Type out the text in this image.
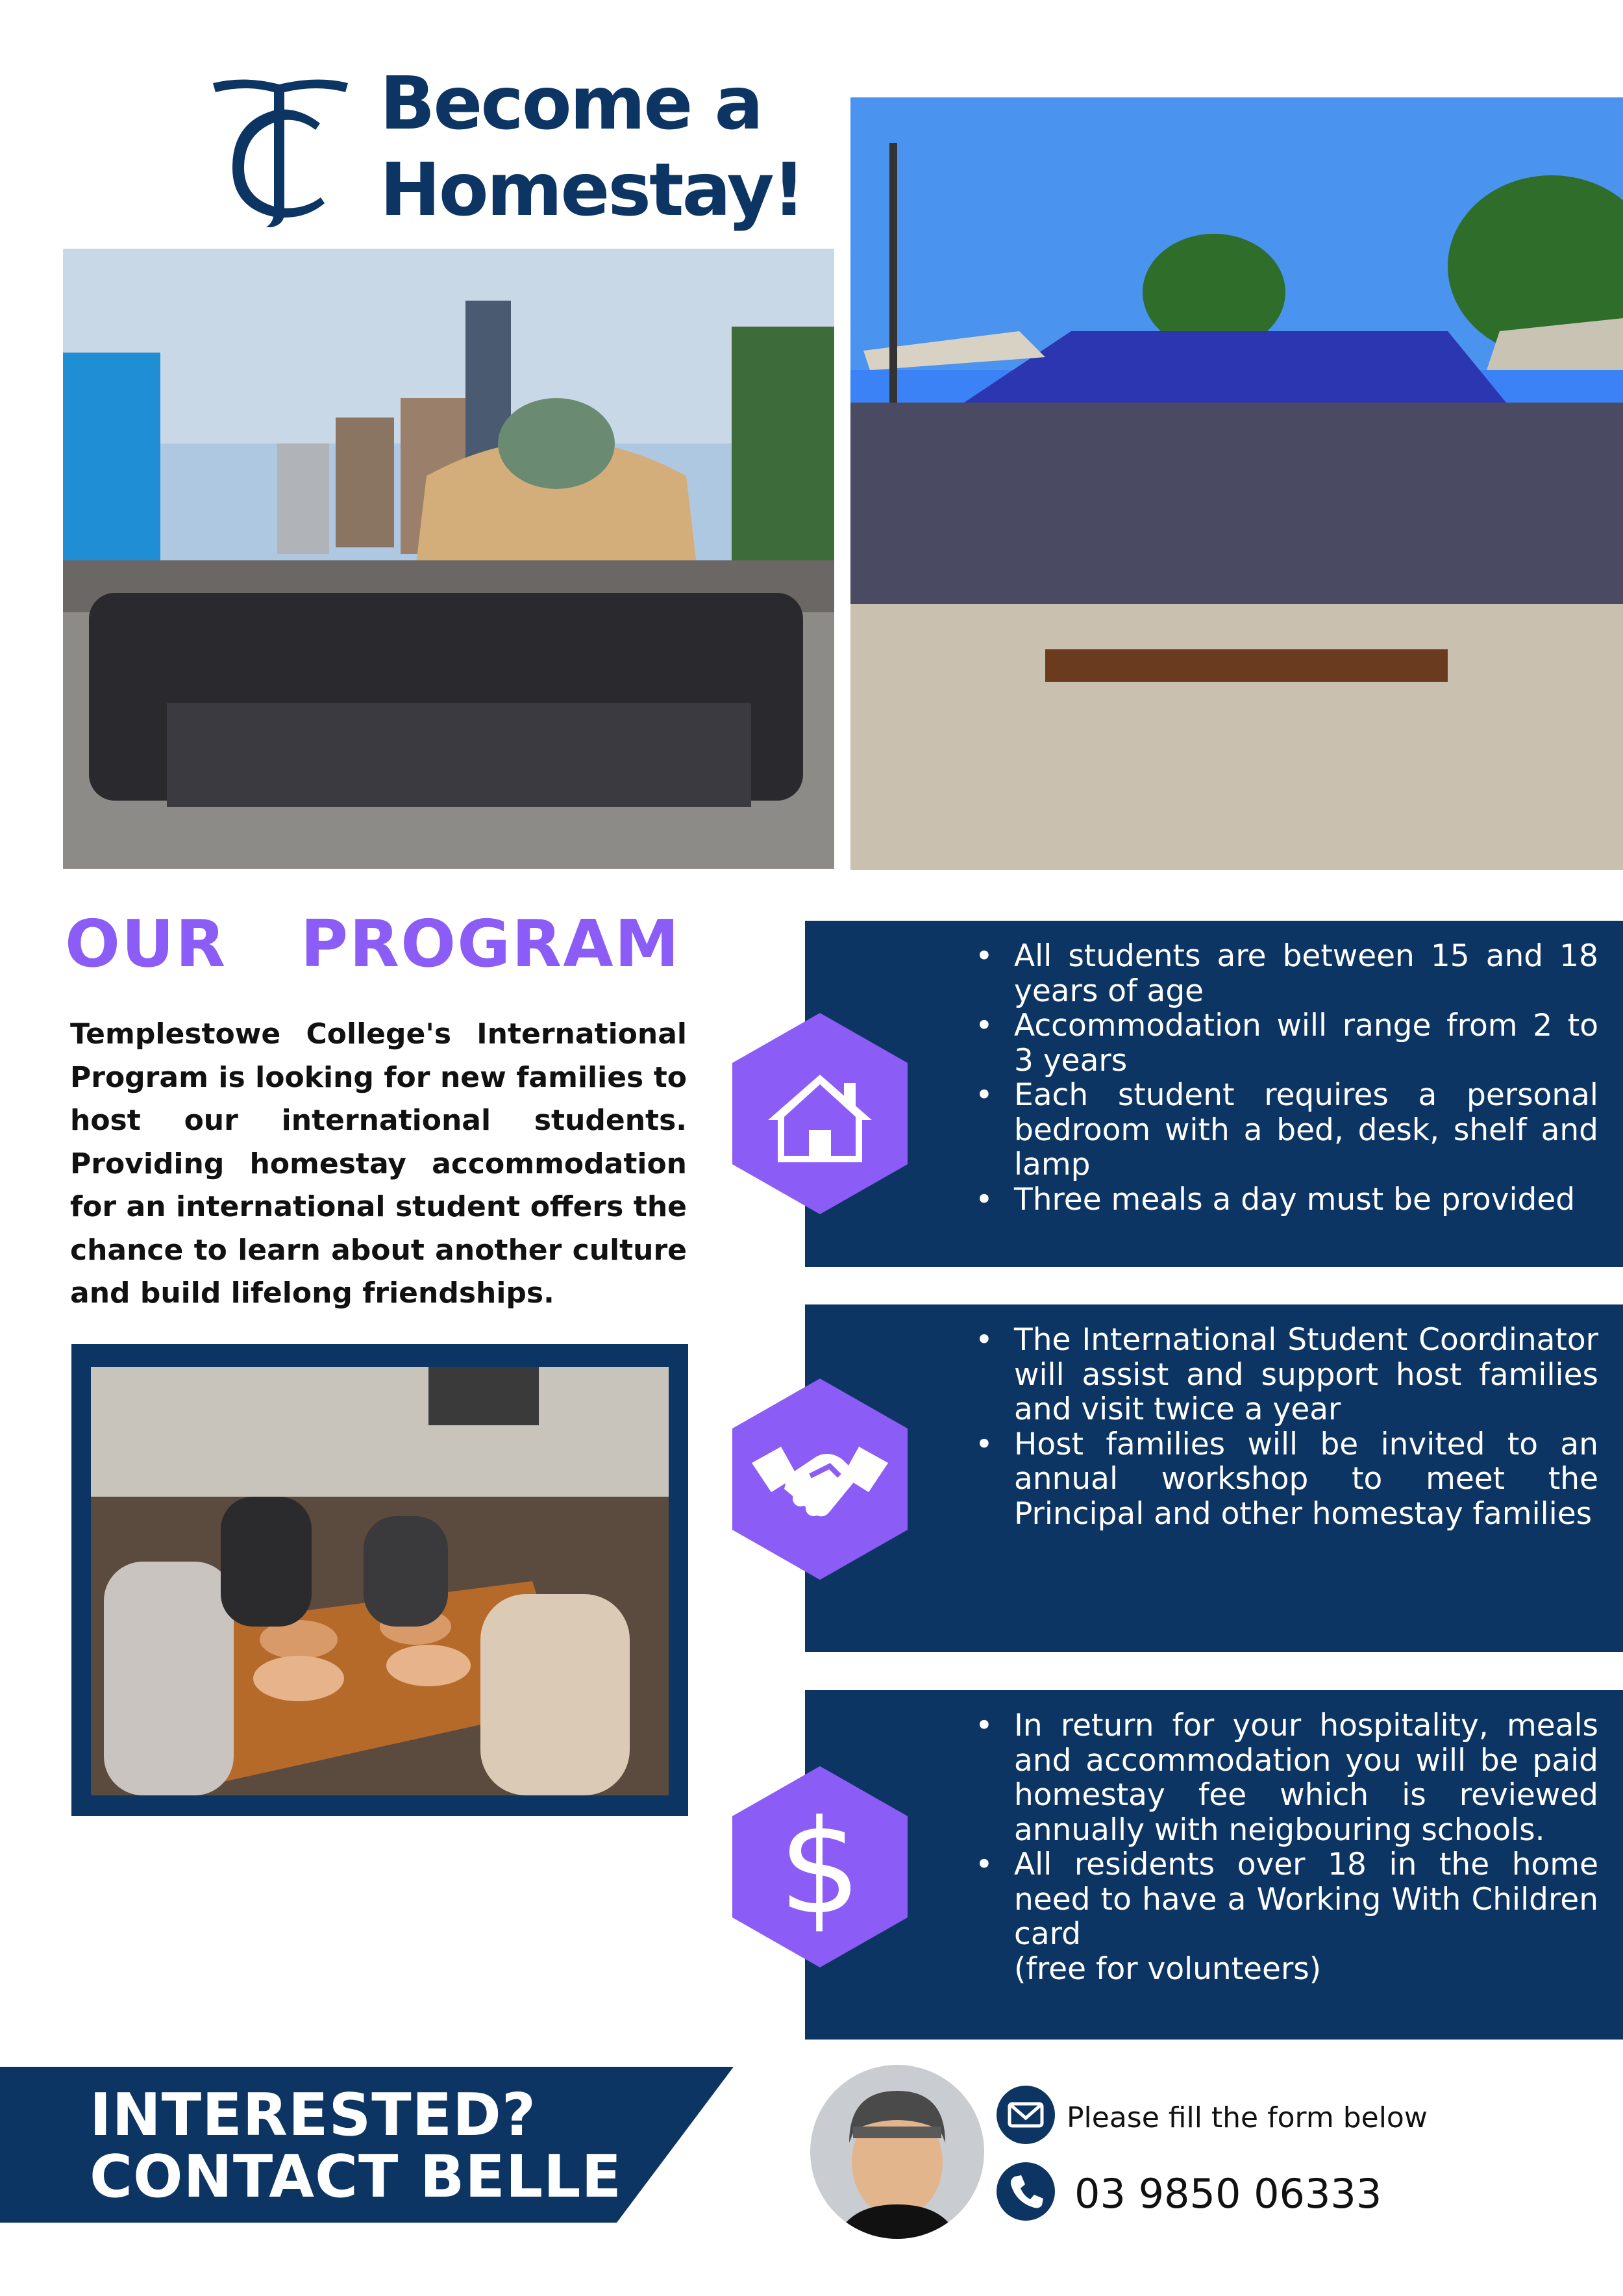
Become a
Homestay!
OUR  PROGRAM

Templestowe College's International Program is looking for new families to host our international students. Providing homestay accommodation for an international student offers the chance to learn about another culture and build lifelong friendships.

• All students are between 15 and 18 years of age
• Accommodation will range from 2 to 3 years
• Each student requires a personal bedroom with a bed, desk, shelf and lamp
• Three meals a day must be provided
• The International Student Coordinator will assist and support host families and visit twice a year
• Host families will be invited to an annual workshop to meet the Principal and other homestay families
• In return for your hospitality, meals and accommodation you will be paid homestay fee which is reviewed annually with neigbouring schools.
• All residents over 18 in the home need to have a Working With Children card
(free for volunteers)
$
INTERESTED?
CONTACT BELLE
Please fill the form below
03 9850 06333
